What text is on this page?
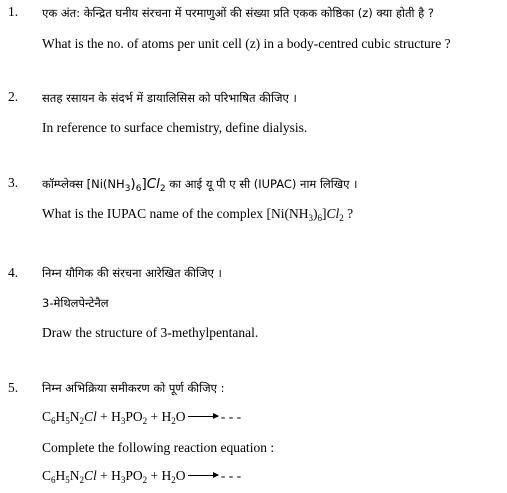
1. एक अंत: केन्द्रित घनीय संरचना में परमाणुओं की संख्या प्रति एकक कोष्ठिका (z) क्या होती है ?
What is the no. of atoms per unit cell (z) in a body-centred cubic structure ?
2. सतह रसायन के संदर्भ में डायालिसिस को परिभाषित कीजिए ।
In reference to surface chemistry, define dialysis.
3. कॉम्प्लेक्स $[Ni(NH_3)_6]Cl_2$ का आई यू पी ए सी (IUPAC) नाम लिखिए ।
What is the IUPAC name of the complex $[Ni(NH_3)_6]Cl_2$ ?
4. निम्न यौगिक की संरचना आरेखित कीजिए ।
3-मेथिलपेन्टेनैल
Draw the structure of 3-methylpentanal.
5. निम्न अभिक्रिया समीकरण को पूर्ण कीजिए :
$C_6H_5N_2Cl + H_3PO_2 + H_2O$ → - - -
Complete the following reaction equation :
$C_6H_5N_2Cl + H_3PO_2 + H_2O$ → - - -
